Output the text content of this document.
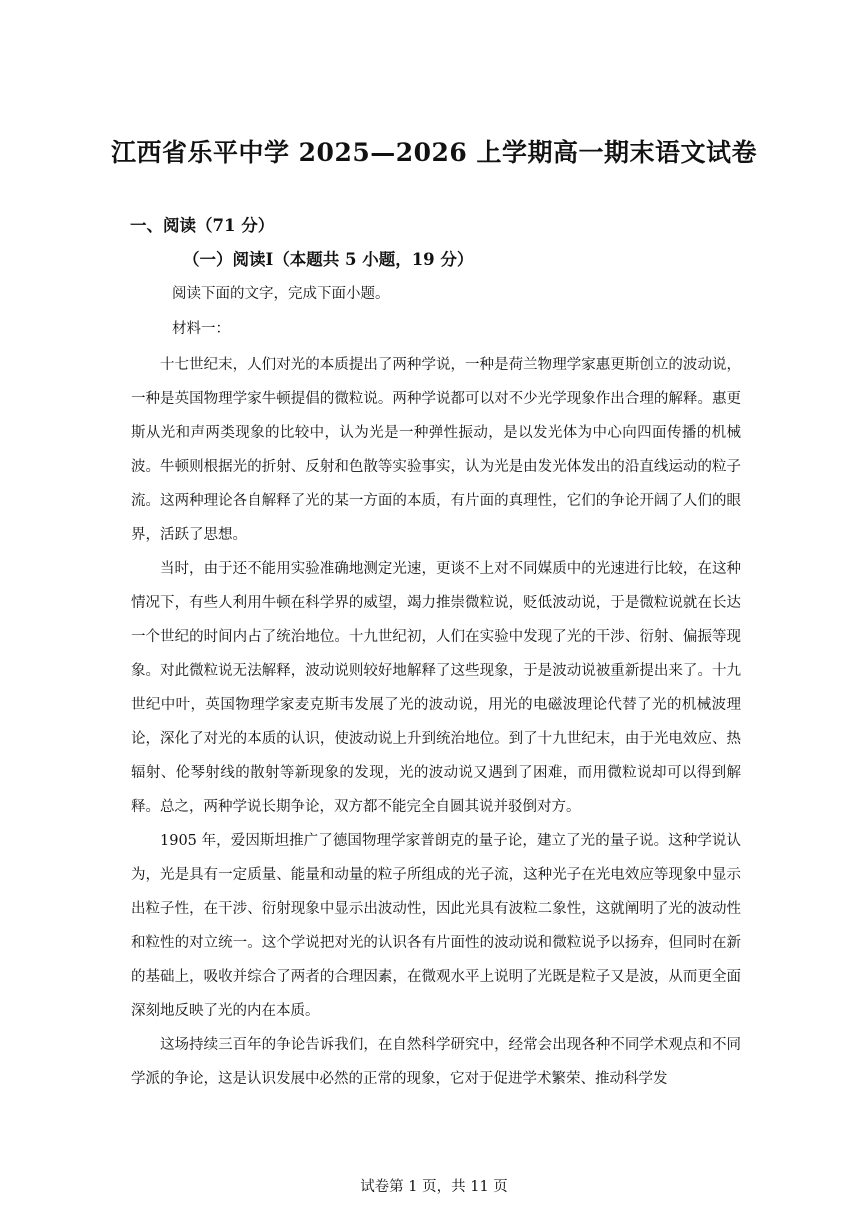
江西省乐平中学 2025—2026 上学期高一期末语文试卷
一、阅读（71 分）
（一）阅读I（本题共 5 小题，19 分）
阅读下面的文字，完成下面小题。
材料一：

十七世纪末，人们对光的本质提出了两种学说，一种是荷兰物理学家惠更斯创立的波动说，一种是英国物理学家牛顿提倡的微粒说。两种学说都可以对不少光学现象作出合理的解释。惠更斯从光和声两类现象的比较中，认为光是一种弹性振动，是以发光体为中心向四面传播的机械波。牛顿则根据光的折射、反射和色散等实验事实，认为光是由发光体发出的沿直线运动的粒子流。这两种理论各自解释了光的某一方面的本质，有片面的真理性，它们的争论开阔了人们的眼界，活跃了思想。

当时，由于还不能用实验准确地测定光速，更谈不上对不同媒质中的光速进行比较，在这种情况下，有些人利用牛顿在科学界的威望，竭力推崇微粒说，贬低波动说，于是微粒说就在长达一个世纪的时间内占了统治地位。十九世纪初，人们在实验中发现了光的干涉、衍射、偏振等现象。对此微粒说无法解释，波动说则较好地解释了这些现象，于是波动说被重新提出来了。十九世纪中叶，英国物理学家麦克斯韦发展了光的波动说，用光的电磁波理论代替了光的机械波理论，深化了对光的本质的认识，使波动说上升到统治地位。到了十九世纪末，由于光电效应、热辐射、伦琴射线的散射等新现象的发现，光的波动说又遇到了困难，而用微粒说却可以得到解释。总之，两种学说长期争论，双方都不能完全自圆其说并驳倒对方。

1905 年，爱因斯坦推广了德国物理学家普朗克的量子论，建立了光的量子说。这种学说认为，光是具有一定质量、能量和动量的粒子所组成的光子流，这种光子在光电效应等现象中显示出粒子性，在干涉、衍射现象中显示出波动性，因此光具有波粒二象性，这就阐明了光的波动性和粒性的对立统一。这个学说把对光的认识各有片面性的波动说和微粒说予以扬弃，但同时在新的基础上，吸收并综合了两者的合理因素，在微观水平上说明了光既是粒子又是波，从而更全面深刻地反映了光的内在本质。

这场持续三百年的争论告诉我们，在自然科学研究中，经常会出现各种不同学术观点和不同学派的争论，这是认识发展中必然的正常的现象，它对于促进学术繁荣、推动科学发

试卷第 1 页，共 11 页
